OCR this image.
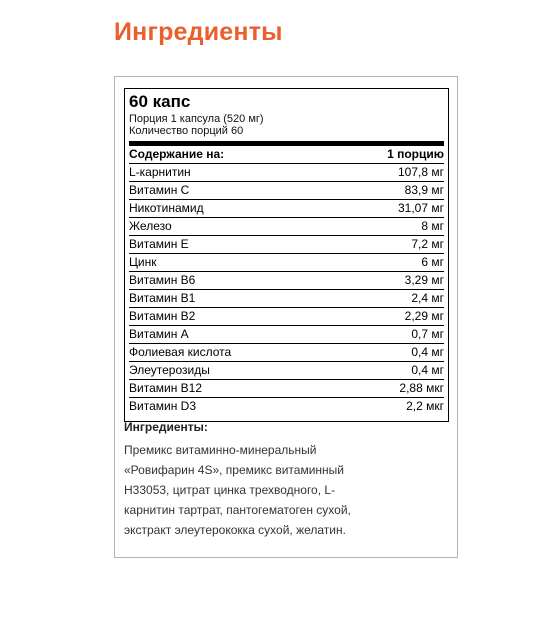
Ингредиенты
60 капс
Порция 1 капсула (520 мг)
Количество порций 60
Содержание на:	1 порцию
L-карнитин	107,8 мг
Витамин С	83,9 мг
Никотинамид	31,07 мг
Железо	8 мг
Витамин Е	7,2 мг
Цинк	6 мг
Витамин В6	3,29 мг
Витамин В1	2,4 мг
Витамин В2	2,29 мг
Витамин А	0,7 мг
Фолиевая кислота	0,4 мг
Элеутерозиды	0,4 мг
Витамин В12	2,88 мкг
Витамин D3	2,2 мкг

Ингредиенты:

Премикс витаминно-минеральный
«Ровифарин 4S», премикс витаминный
Н33053, цитрат цинка трехводного, L-
карнитин тартрат, пантогематоген сухой,
экстракт элеутерококка сухой, желатин.
